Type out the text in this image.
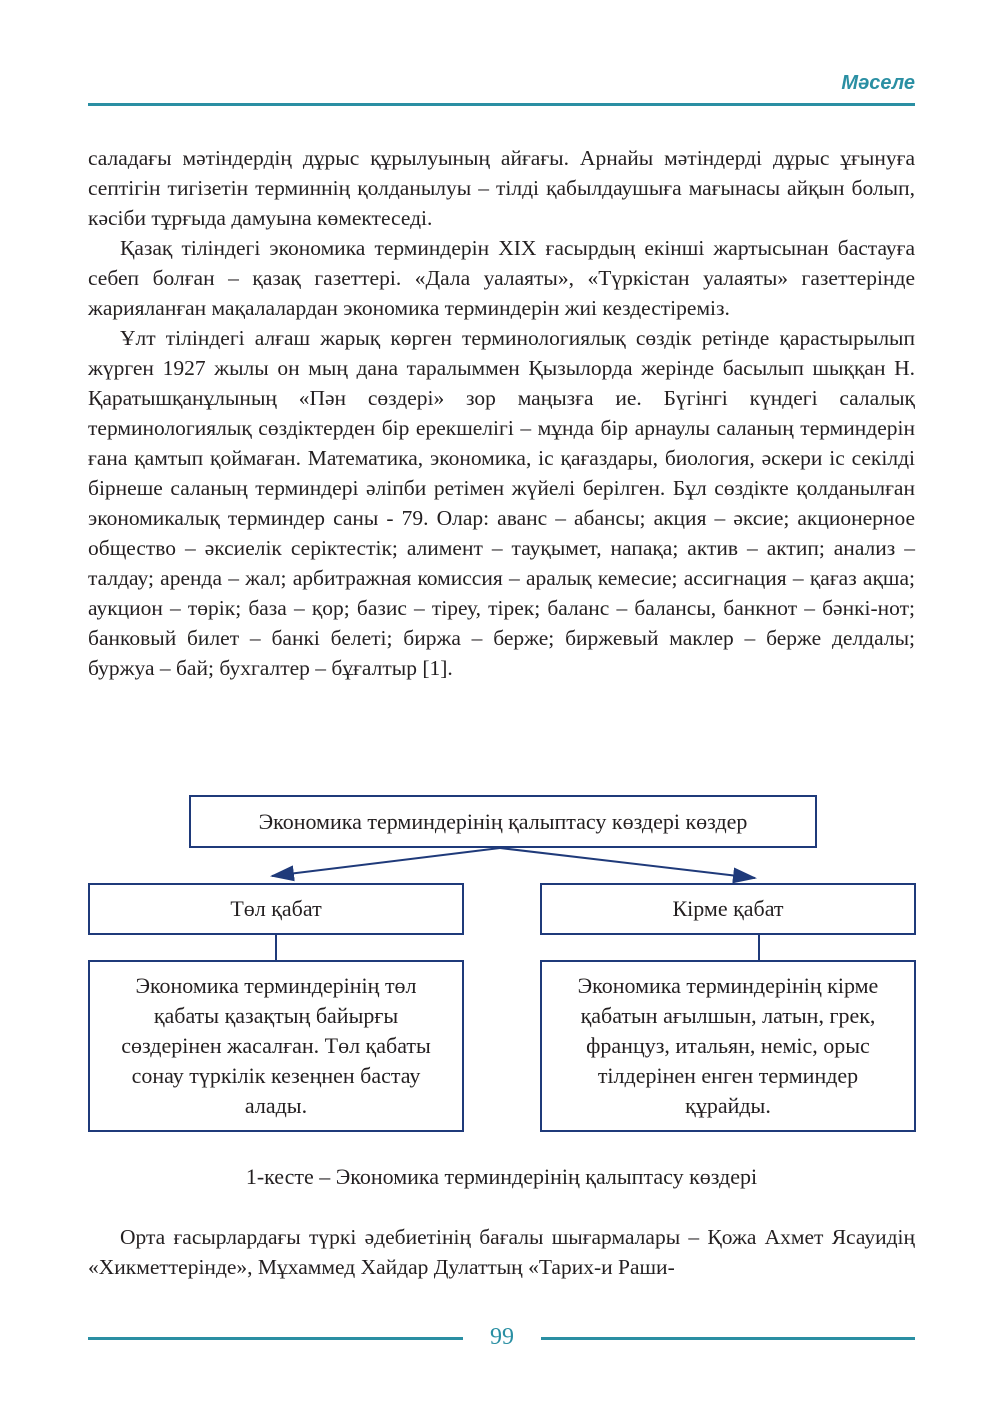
Мәселе

саладағы мәтіндердің дұрыс құрылуының айғағы. Арнайы мәтіндерді дұрыс ұғынуға септігін тигізетін терминнің қолданылуы – тілді қабылдаушыға мағынасы айқын болып, кәсіби тұрғыда дамуына көмектеседі.

Қазақ тіліндегі экономика терминдерін XIX ғасырдың екінші жартысынан бастауға себеп болған – қазақ газеттері. «Дала уалаяты», «Түркістан уалаяты» газеттерінде жарияланған мақалалардан экономика терминдерін жиі кездестіреміз.

Ұлт тіліндегі алғаш жарық көрген терминологиялық сөздік ретінде қарастырылып жүрген 1927 жылы он мың дана таралыммен Қызылорда жерінде басылып шыққан Н. Қаратышқанұлының «Пән сөздері» зор маңызға ие. Бүгінгі күндегі салалық терминологиялық сөздіктерден бір ерекшелігі – мұнда бір арнаулы саланың терминдерін ғана қамтып қоймаған. Математика, экономика, іс қағаздары, биология, әскери іс секілді бірнеше саланың терминдері әліпби ретімен жүйелі берілген. Бұл сөздікте қолданылған экономикалық терминдер саны - 79. Олар: аванс – абансы; акция – әксие; акционерное общество – әксиелік серіктестік; алимент – тауқымет, напақа; актив – актип; анализ – талдау; аренда – жал; арбитражная комиссия – аралық кемесие; ассигнация – қағаз ақша; аукцион – төрік; база – қор; базис – тіреу, тірек; баланс – балансы, банкнот – бәнкі-нот; банковый билет – банкі белеті; биржа – берже; биржевый маклер – берже делдалы; буржуа – бай; бухгалтер – бұғалтыр [1].

Экономика терминдерінің қалыптасу көздері көздер
Төл қабат	Кірме қабат
Экономика терминдерінің төл қабаты қазақтың байырғы сөздерінен жасалған. Төл қабаты сонау түркілік кезеңнен бастау алады.
Экономика терминдерінің кірме қабатын ағылшын, латын, грек, француз, итальян, неміс, орыс тілдерінен енген терминдер құрайды.
1-кесте – Экономика терминдерінің қалыптасу көздері

Орта ғасырлардағы түркі әдебиетінің бағалы шығармалары – Қожа Ахмет Ясауидің «Хикметтерінде», Мұхаммед Хайдар Дулаттың «Тарих-и Раши-

99
